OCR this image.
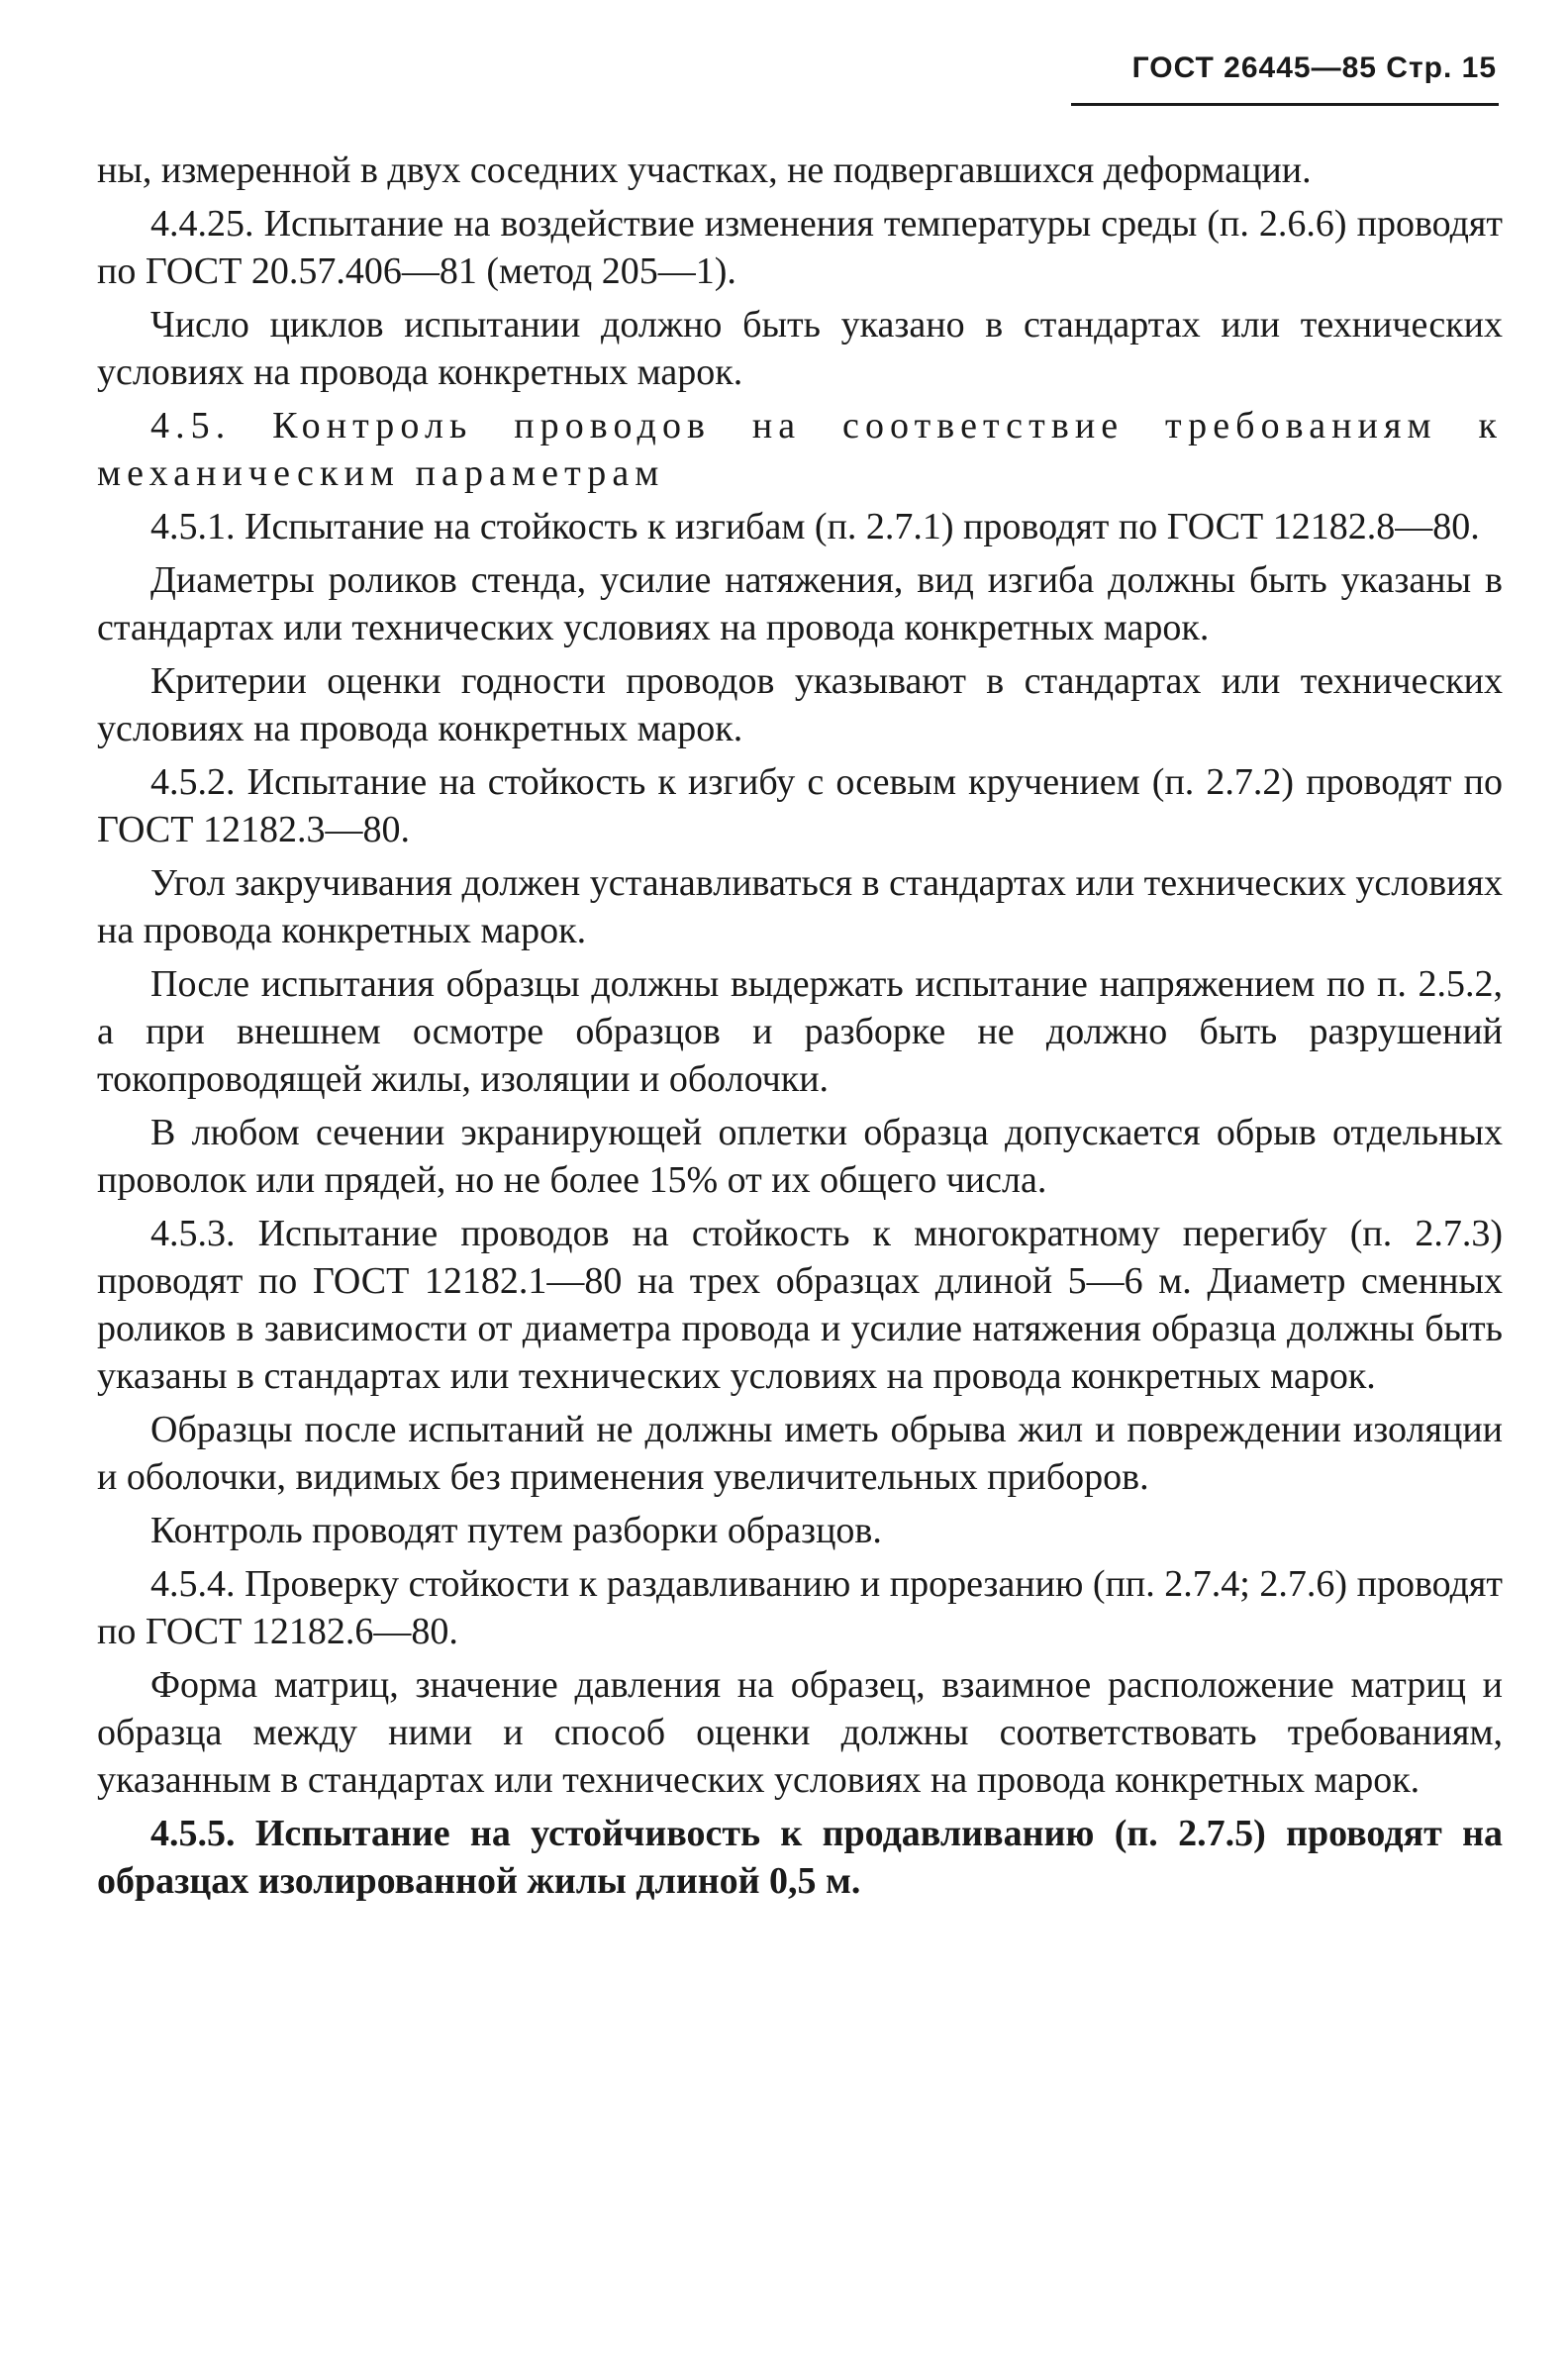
ГОСТ 26445—85 Стр. 15

ны, измеренной в двух соседних участках, не подвергавшихся деформации.

4.4.25. Испытание на воздействие изменения температуры среды (п. 2.6.6) проводят по ГОСТ 20.57.406—81 (метод 205—1).

Число циклов испытании должно быть указано в стандартах или технических условиях на провода конкретных марок.

4.5. Контроль проводов на соответствие требованиям к механическим параметрам

4.5.1. Испытание на стойкость к изгибам (п. 2.7.1) проводят по ГОСТ 12182.8—80.

Диаметры роликов стенда, усилие натяжения, вид изгиба должны быть указаны в стандартах или технических условиях на провода конкретных марок.

Критерии оценки годности проводов указывают в стандартах или технических условиях на провода конкретных марок.

4.5.2. Испытание на стойкость к изгибу с осевым кручением (п. 2.7.2) проводят по ГОСТ 12182.3—80.

Угол закручивания должен устанавливаться в стандартах или технических условиях на провода конкретных марок.

После испытания образцы должны выдержать испытание напряжением по п. 2.5.2, а при внешнем осмотре образцов и разборке не должно быть разрушений токопроводящей жилы, изоляции и оболочки.

В любом сечении экранирующей оплетки образца допускается обрыв отдельных проволок или прядей, но не более 15% от их общего числа.

4.5.3. Испытание проводов на стойкость к многократному перегибу (п. 2.7.3) проводят по ГОСТ 12182.1—80 на трех образцах длиной 5—6 м. Диаметр сменных роликов в зависимости от диаметра провода и усилие натяжения образца должны быть указаны в стандартах или технических условиях на провода конкретных марок.

Образцы после испытаний не должны иметь обрыва жил и повреждении изоляции и оболочки, видимых без применения увеличительных приборов.

Контроль проводят путем разборки образцов.

4.5.4. Проверку стойкости к раздавливанию и прорезанию (пп. 2.7.4; 2.7.6) проводят по ГОСТ 12182.6—80.

Форма матриц, значение давления на образец, взаимное расположение матриц и образца между ними и способ оценки должны соответствовать требованиям, указанным в стандартах или технических условиях на провода конкретных марок.

4.5.5. Испытание на устойчивость к продавливанию (п. 2.7.5) проводят на образцах изолированной жилы длиной 0,5 м.
